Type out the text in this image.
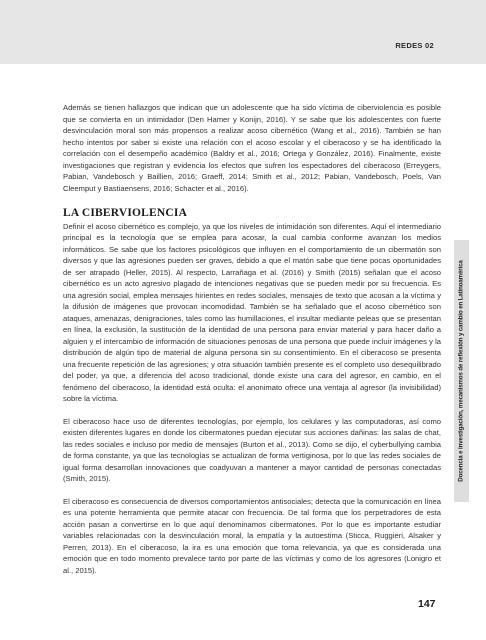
REDES 02
Docencia e investigación, mecanismos de reflexión y cambio en Latinoamérica

Además se tienen hallazgos que indican que un adolescente que ha sido víctima de ciberviolencia es posible que se convierta en un intimidador (Den Hamer y Konijn, 2016). Y se sabe que los adolescentes con fuerte desvinculación moral son más propensos a realizar acoso cibernético (Wang et al., 2016). También se han hecho intentos por saber si existe una relación con el acoso escolar y el ciberacoso y se ha identificado la correlación con el desempeño académico (Baldry et al., 2016; Ortega y González, 2016). Finalmente, existe investigaciones que registran y evidencia los efectos que sufren los espectadores del ciberacoso (Erreygers, Pabian, Vandebosch y Baillien, 2016; Graeff, 2014; Smith et al., 2012; Pabian, Vandebosch, Poels, Van Cleemput y Bastiaensens, 2016; Schacter et al., 2016).

LA CIBERVIOLENCIA

Definir el acoso cibernético es complejo, ya que los niveles de intimidación son diferentes. Aquí el intermediario principal es la tecnología que se emplea para acosar, la cual cambia conforme avanzan los medios informáticos. Se sabe que los factores psicológicos que influyen en el comportamiento de un cibermatón son diversos y que las agresiones pueden ser graves, debido a que el matón sabe que tiene pocas oportunidades de ser atrapado (Heller, 2015). Al respecto, Larrañaga et al. (2016) y Smith (2015) señalan que el acoso cibernético es un acto agresivo plagado de intenciones negativas que se pueden medir por su frecuencia. Es una agresión social, emplea mensajes hirientes en redes sociales, mensajes de texto que acosan a la víctima y la difusión de imágenes que provocan incomodidad. También se ha señalado que el acoso cibernético son ataques, amenazas, denigraciones, tales como las humillaciones, el insultar mediante peleas que se presentan en línea, la exclusión, la sustitución de la identidad de una persona para enviar material y para hacer daño a alguien y el intercambio de información de situaciones penosas de una persona que puede incluir imágenes y la distribución de algún tipo de material de alguna persona sin su consentimiento. En el ciberacoso se presenta una frecuente repetición de las agresiones; y otra situación también presente es el completo uso desequilibrado del poder, ya que, a diferencia del acoso tradicional, donde existe una cara del agresor, en cambio, en el fenómeno del ciberacoso, la identidad está oculta: el anonimato ofrece una ventaja al agresor (la invisibilidad) sobre la víctima.

El ciberacoso hace uso de diferentes tecnologías, por ejemplo, los celulares y las computadoras, así como existen diferentes lugares en donde los cibermatones puedan ejecutar sus acciones dañinas: las salas de chat, las redes sociales e incluso por medio de mensajes (Burton et al., 2013). Como se dijo, el cyberbullying cambia de forma constante, ya que las tecnologías se actualizan de forma vertiginosa, por lo que las redes sociales de igual forma desarrollan innovaciones que coadyuvan a mantener a mayor cantidad de personas conectadas (Smith, 2015).

El ciberacoso es consecuencia de diversos comportamientos antisociales; detecta que la comunicación en línea es una potente herramienta que permite atacar con frecuencia. De tal forma que los perpetradores de esta acción pasan a convertirse en lo que aquí denominamos cibermatones. Por lo que es importante estudiar variables relacionadas con la desvinculación moral, la empatía y la autoestima (Sticca, Ruggieri, Alsaker y Perren, 2013). En el ciberacoso, la ira es una emoción que toma relevancia, ya que es considerada una emoción que en todo momento prevalece tanto por parte de las víctimas y como de los agresores (Lonigro et al., 2015).

147
